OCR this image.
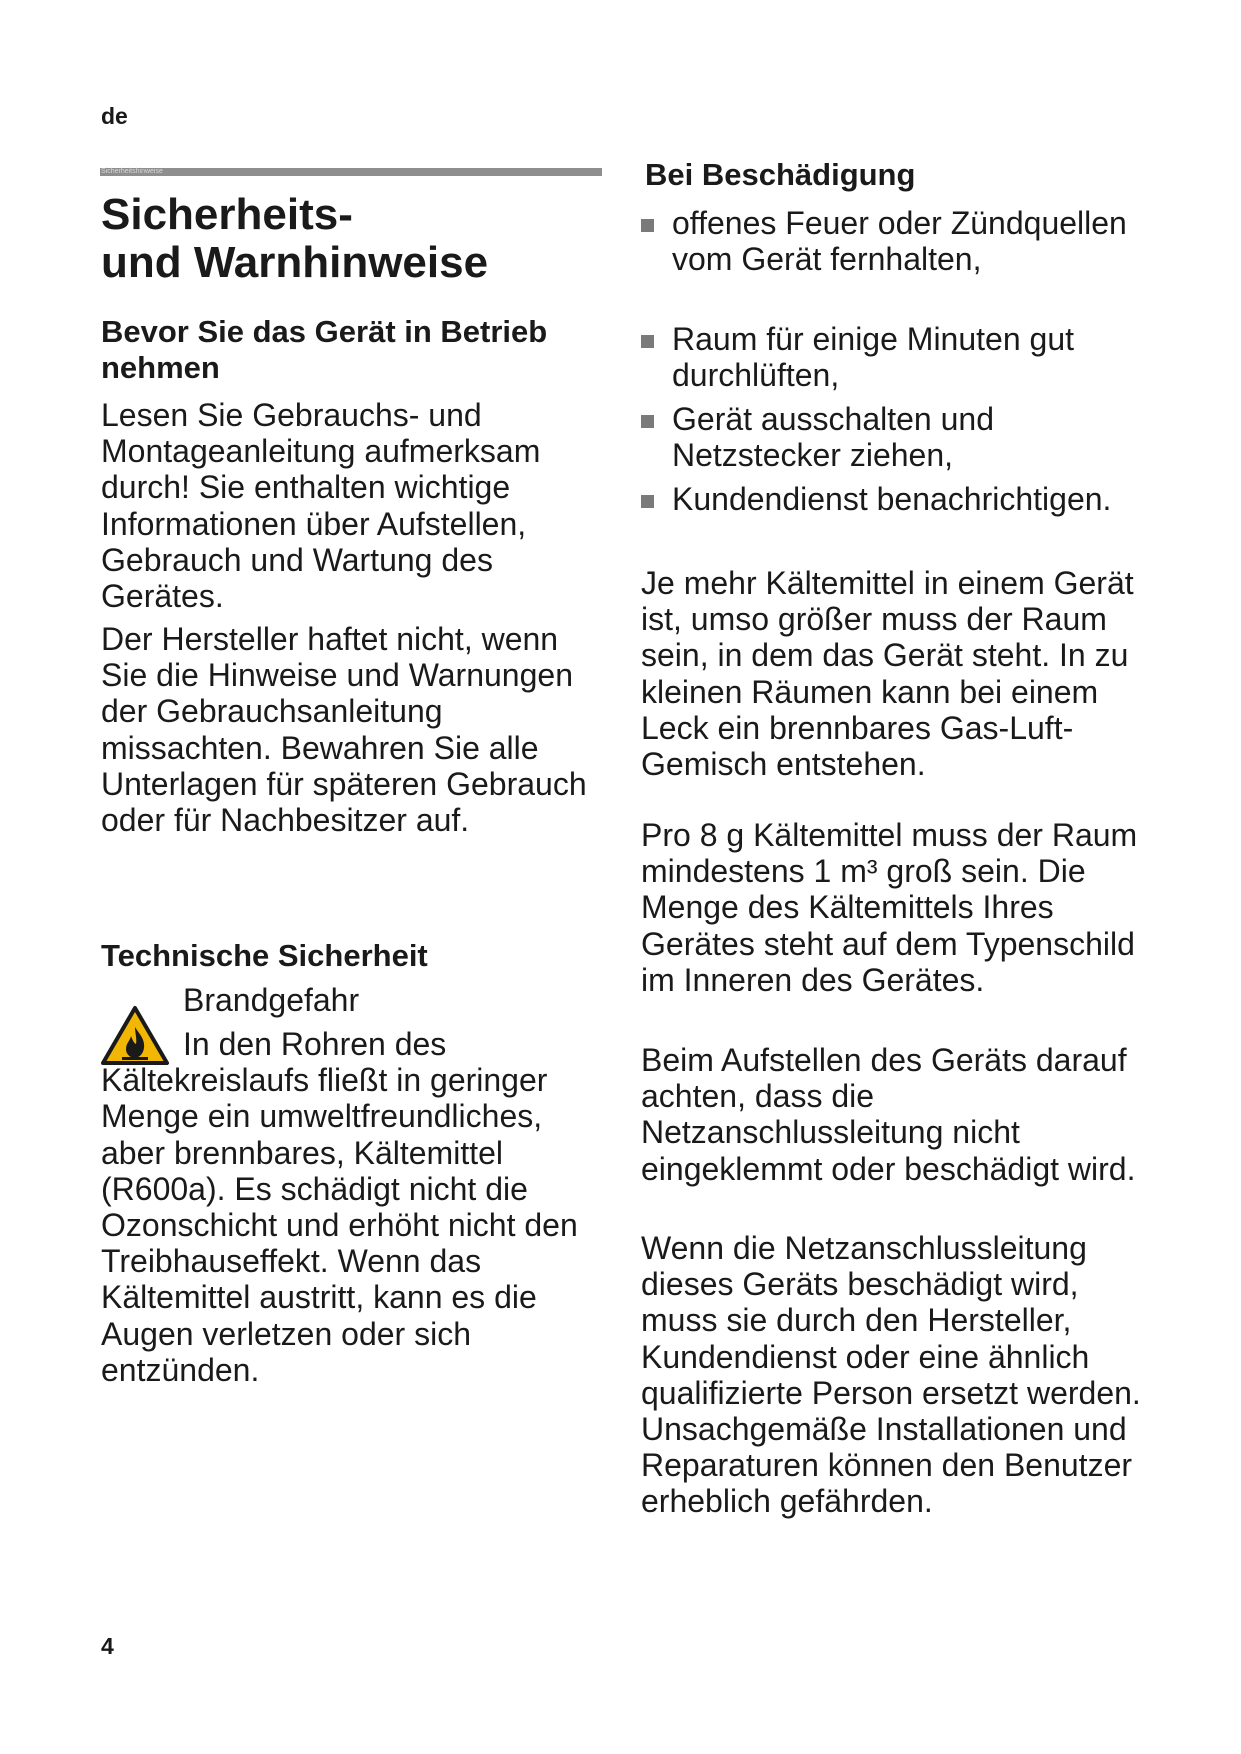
de
Sicherheitshinweise
Sicherheits-
und Warnhinweise
Bevor Sie das Gerät in Betrieb nehmen

Lesen Sie Gebrauchs- und Montageanleitung aufmerksam durch! Sie enthalten wichtige Informationen über Aufstellen, Gebrauch und Wartung des Gerätes.

Der Hersteller haftet nicht, wenn Sie die Hinweise und Warnungen der Gebrauchsanleitung missachten. Bewahren Sie alle Unterlagen für späteren Gebrauch oder für Nachbesitzer auf.

Technische Sicherheit

Brandgefahr

In den Rohren des Kältekreislaufs fließt in geringer Menge ein umweltfreundliches, aber brennbares, Kältemittel (R600a). Es schädigt nicht die Ozonschicht und erhöht nicht den Treibhauseffekt. Wenn das Kältemittel austritt, kann es die Augen verletzen oder sich entzünden.

Bei Beschädigung
offenes Feuer oder Zündquellen vom Gerät fernhalten,
Raum für einige Minuten gut durchlüften,
Gerät ausschalten und Netzstecker ziehen,
Kundendienst benachrichtigen.

Je mehr Kältemittel in einem Gerät ist, umso größer muss der Raum sein, in dem das Gerät steht. In zu kleinen Räumen kann bei einem Leck ein brennbares Gas-Luft-Gemisch entstehen.

Pro 8 g Kältemittel muss der Raum mindestens 1 m³ groß sein. Die Menge des Kältemittels Ihres Gerätes steht auf dem Typenschild im Inneren des Gerätes.

Beim Aufstellen des Geräts darauf achten, dass die Netzanschlussleitung nicht eingeklemmt oder beschädigt wird.

Wenn die Netzanschlussleitung dieses Geräts beschädigt wird, muss sie durch den Hersteller, Kundendienst oder eine ähnlich qualifizierte Person ersetzt werden. Unsachgemäße Installationen und Reparaturen können den Benutzer erheblich gefährden.

4
